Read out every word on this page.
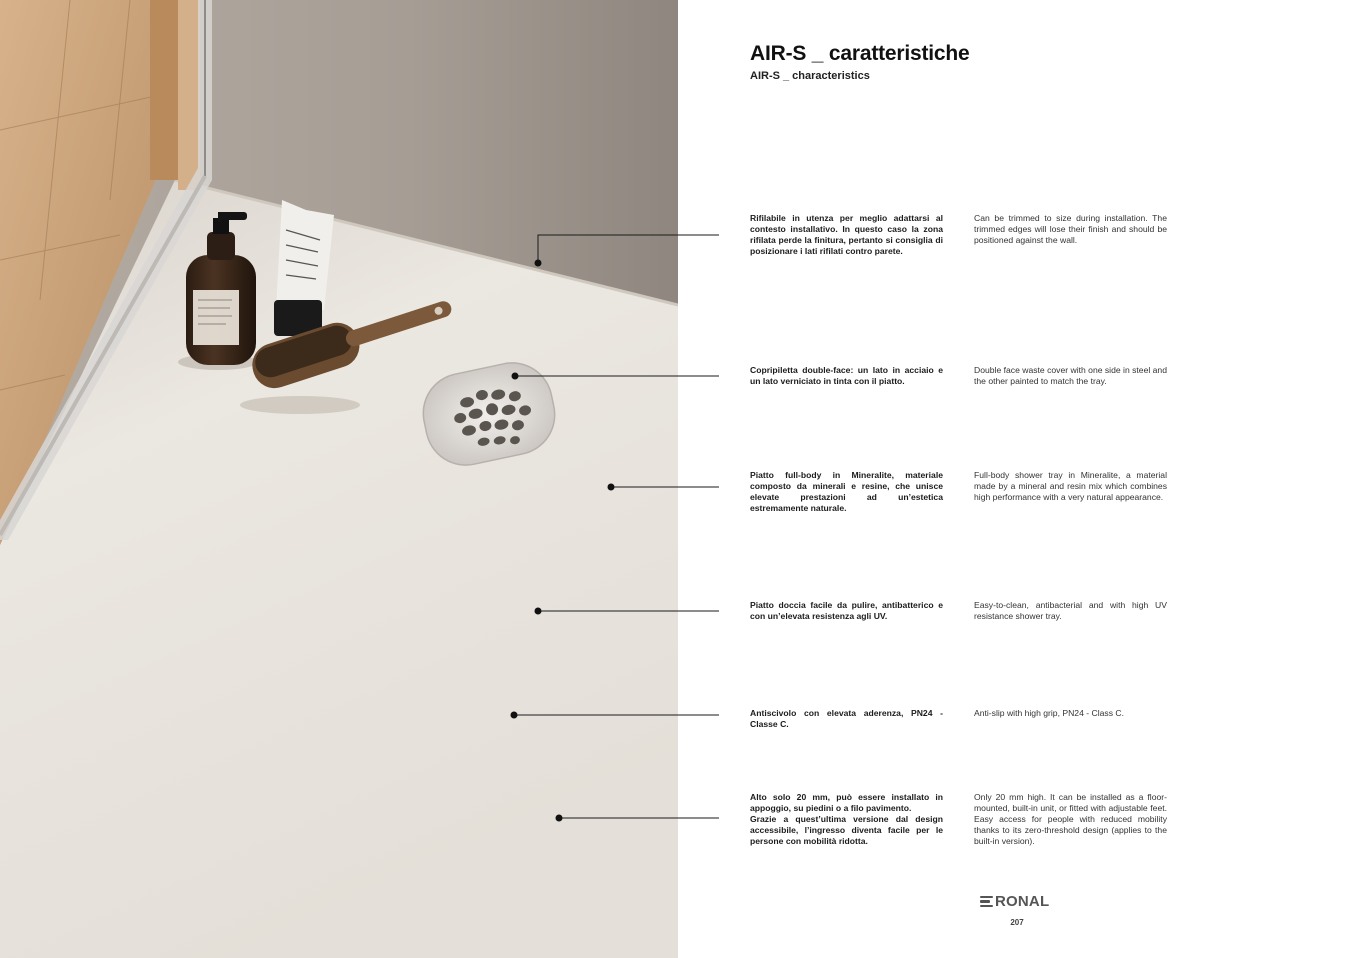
AIR-S _ caratteristiche

AIR-S _ characteristics

Rifilabile in utenza per meglio adattarsi al contesto installativo. In questo caso la zona rifilata perde la finitura, pertanto si consiglia di posizionare i lati rifilati contro parete.

Can be trimmed to size during installation. The trimmed edges will lose their finish and should be positioned against the wall.

Copripiletta double-face: un lato in acciaio e un lato verniciato in tinta con il piatto.

Double face waste cover with one side in steel and the other painted to match the tray.

Piatto full-body in Mineralite, materiale composto da minerali e resine, che unisce elevate prestazioni ad un’estetica estremamente naturale.

Full-body shower tray in Mineralite, a material made by a mineral and resin mix which combines high performance with a very natural appearance.

Piatto doccia facile da pulire, antibatterico e con un’elevata resistenza agli UV.

Easy-to-clean, antibacterial and with high UV resistance shower tray.

Antiscivolo con elevata aderenza, PN24 - Classe C.

Anti-slip with high grip, PN24 - Class C.

Alto solo 20 mm, può essere installato in appoggio, su piedini o a filo pavimento.
Grazie a quest’ultima versione dal design accessibile, l’ingresso diventa facile per le persone con mobilità ridotta.

Only 20 mm high. It can be installed as a floor-mounted, built-in unit, or fitted with adjustable feet. Easy access for people with reduced mobility thanks to its zero-threshold design (applies to the built-in version).

RONAL
207
